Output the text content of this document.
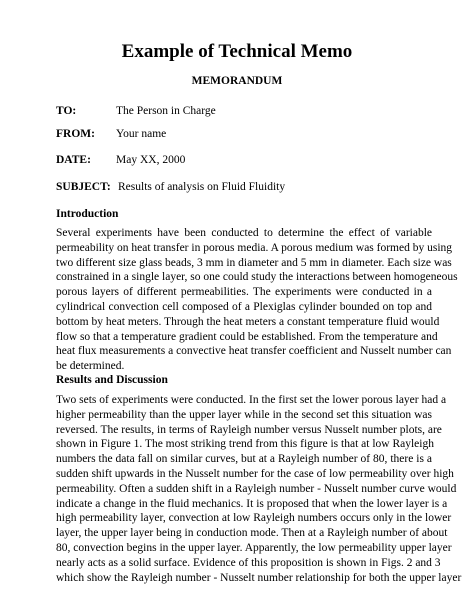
Example of Technical Memo
MEMORANDUM
TO:	The Person in Charge
FROM: Your name
DATE: May XX, 2000
SUBJECT: Results of analysis on Fluid Fluidity
Introduction
Several experiments have been conducted to determine the effect of variable
permeability on heat transfer in porous media. A porous medium was formed by using
two different size glass beads, 3 mm in diameter and 5 mm in diameter. Each size was
constrained in a single layer, so one could study the interactions between homogeneous
porous layers of different permeabilities. The experiments were conducted in a
cylindrical convection cell composed of a Plexiglas cylinder bounded on top and
bottom by heat meters. Through the heat meters a constant temperature fluid would
flow so that a temperature gradient could be established. From the temperature and
heat flux measurements a convective heat transfer coefficient and Nusselt number can
be determined.
Results and Discussion
Two sets of experiments were conducted. In the first set the lower porous layer had a
higher permeability than the upper layer while in the second set this situation was
reversed. The results, in terms of Rayleigh number versus Nusselt number plots, are
shown in Figure 1. The most striking trend from this figure is that at low Rayleigh
numbers the data fall on similar curves, but at a Rayleigh number of 80, there is a
sudden shift upwards in the Nusselt number for the case of low permeability over high
permeability. Often a sudden shift in a Rayleigh number - Nusselt number curve would
indicate a change in the fluid mechanics. It is proposed that when the lower layer is a
high permeability layer, convection at low Rayleigh numbers occurs only in the lower
layer, the upper layer being in conduction mode. Then at a Rayleigh number of about
80, convection begins in the upper layer. Apparently, the low permeability upper layer
nearly acts as a solid surface. Evidence of this proposition is shown in Figs. 2 and 3
which show the Rayleigh number - Nusselt number relationship for both the upper layer
